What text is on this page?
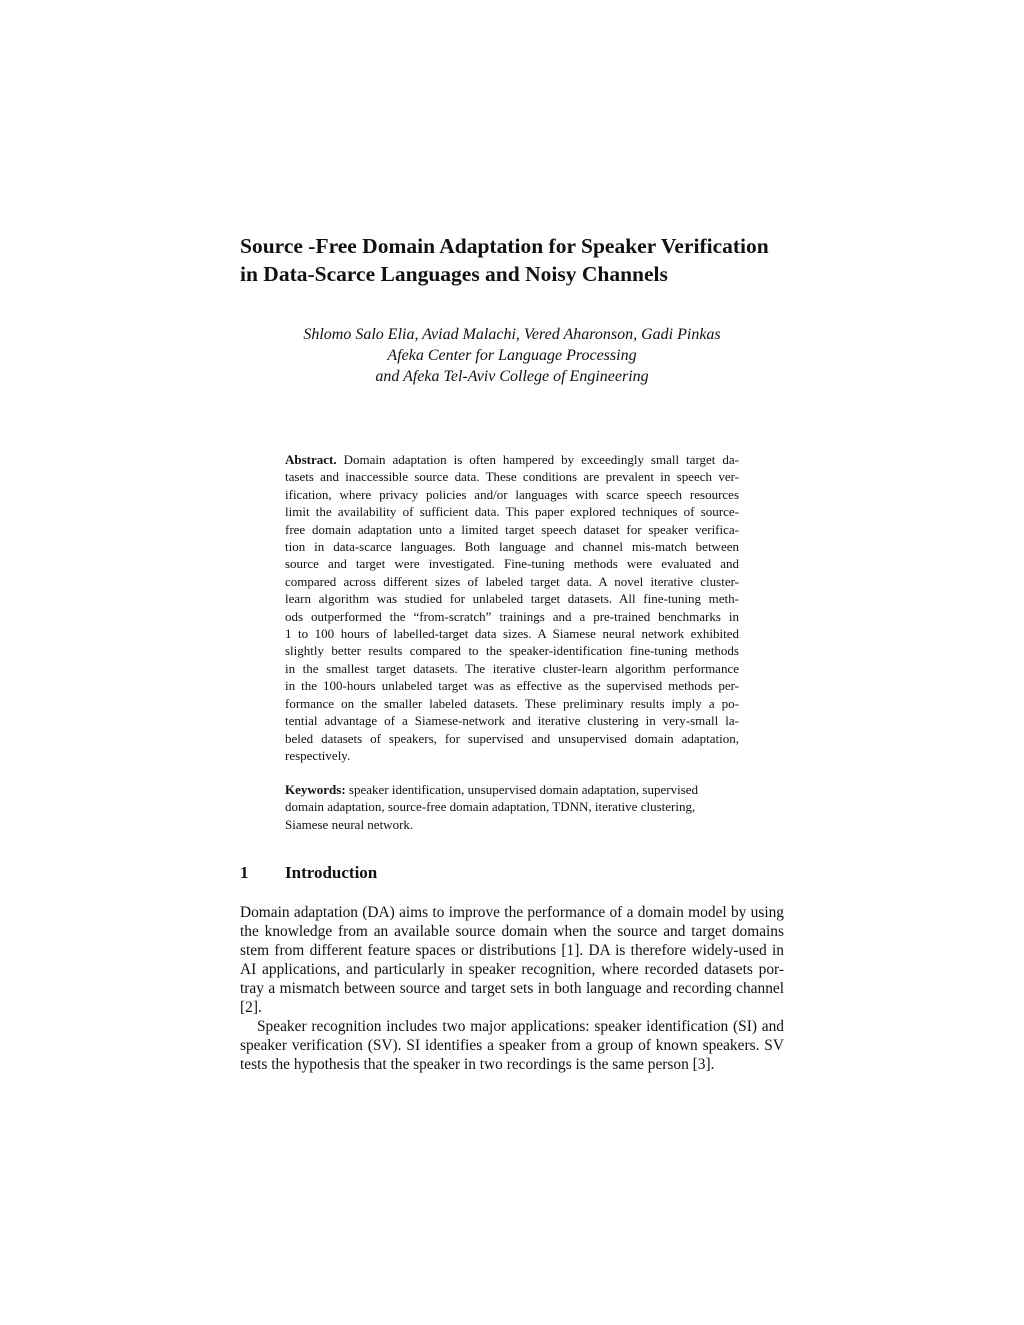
Source -Free Domain Adaptation for Speaker Verification
in Data-Scarce Languages and Noisy Channels
Shlomo Salo Elia, Aviad Malachi, Vered Aharonson, Gadi Pinkas
Afeka Center for Language Processing
and Afeka Tel-Aviv College of Engineering

Abstract. Domain adaptation is often hampered by exceedingly small target da-
tasets and inaccessible source data. These conditions are prevalent in speech ver-
ification, where privacy policies and/or languages with scarce speech resources
limit the availability of sufficient data. This paper explored techniques of source-
free domain adaptation unto a limited target speech dataset for speaker verifica-
tion in data-scarce languages. Both language and channel mis-match between
source and target were investigated. Fine-tuning methods were evaluated and
compared across different sizes of labeled target data. A novel iterative cluster-
learn algorithm was studied for unlabeled target datasets. All fine-tuning meth-
ods outperformed the “from-scratch” trainings and a pre-trained benchmarks in
1 to 100 hours of labelled-target data sizes. A Siamese neural network exhibited
slightly better results compared to the speaker-identification fine-tuning methods
in the smallest target datasets. The iterative cluster-learn algorithm performance
in the 100-hours unlabeled target was as effective as the supervised methods per-
formance on the smaller labeled datasets. These preliminary results imply a po-
tential advantage of a Siamese-network and iterative clustering in very-small la-
beled datasets of speakers, for supervised and unsupervised domain adaptation,
respectively.

Keywords: speaker identification, unsupervised domain adaptation, supervised
domain adaptation, source-free domain adaptation, TDNN, iterative clustering,
Siamese neural network.

1 Introduction

Domain adaptation (DA) aims to improve the performance of a domain model by using
the knowledge from an available source domain when the source and target domains
stem from different feature spaces or distributions [1]. DA is therefore widely-used in
AI applications, and particularly in speaker recognition, where recorded datasets por-
tray a mismatch between source and target sets in both language and recording channel
[2].

Speaker recognition includes two major applications: speaker identification (SI) and
speaker verification (SV). SI identifies a speaker from a group of known speakers. SV
tests the hypothesis that the speaker in two recordings is the same person [3].
